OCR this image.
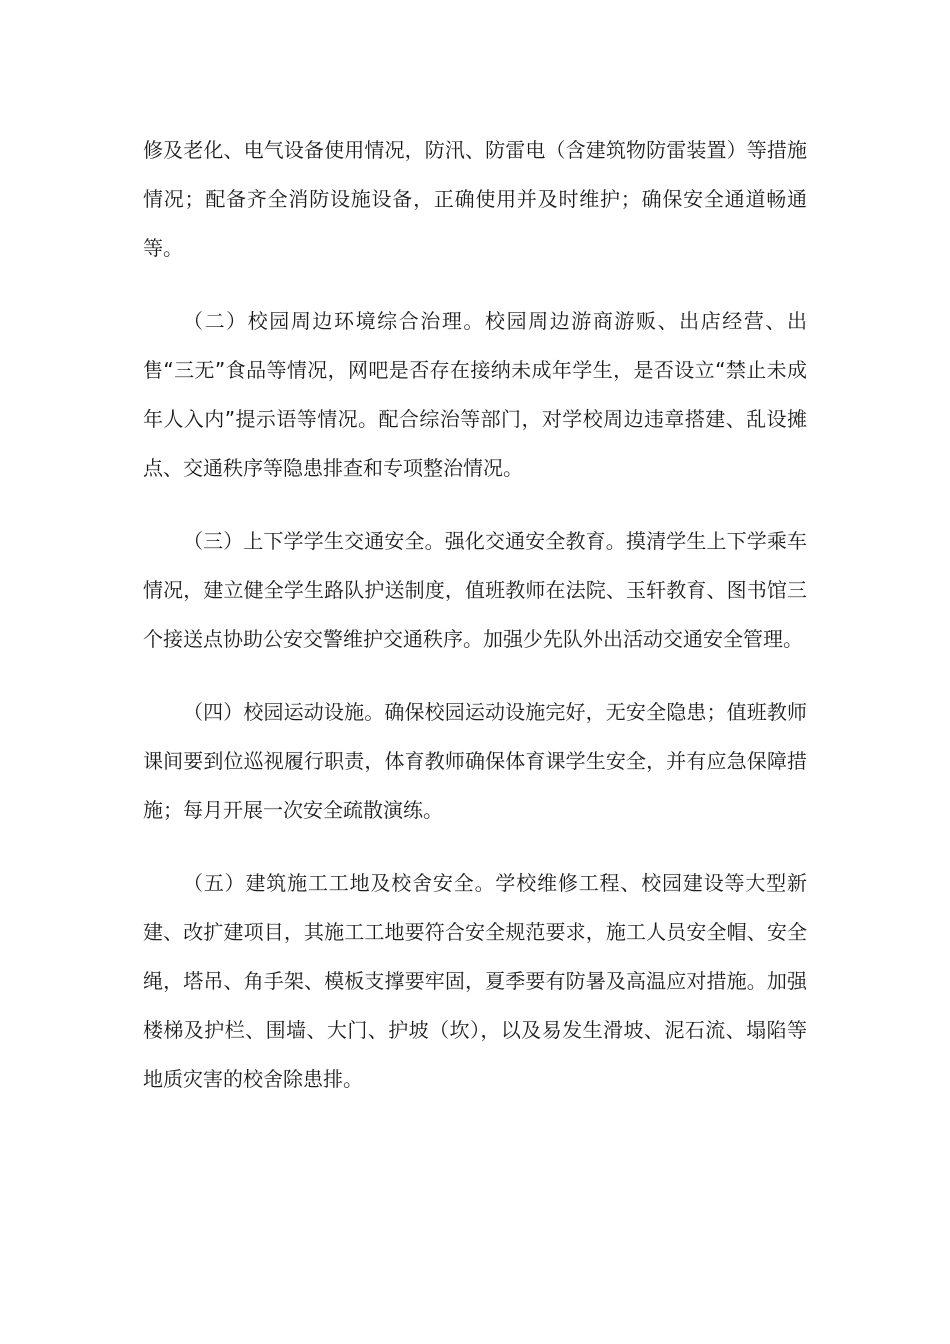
修及老化、电气设备使用情况，防汛、防雷电（含建筑物防雷装置）等措施情况；配备齐全消防设施设备，正确使用并及时维护；确保安全通道畅通等。

（二）校园周边环境综合治理。校园周边游商游贩、出店经营、出售“三无”食品等情况，网吧是否存在接纳未成年学生，是否设立“禁止未成年人入内”提示语等情况。配合综治等部门，对学校周边违章搭建、乱设摊点、交通秩序等隐患排查和专项整治情况。

（三）上下学学生交通安全。强化交通安全教育。摸清学生上下学乘车情况，建立健全学生路队护送制度，值班教师在法院、玉轩教育、图书馆三个接送点协助公安交警维护交通秩序。加强少先队外出活动交通安全管理。

（四）校园运动设施。确保校园运动设施完好，无安全隐患；值班教师课间要到位巡视履行职责，体育教师确保体育课学生安全，并有应急保障措施；每月开展一次安全疏散演练。

（五）建筑施工工地及校舍安全。学校维修工程、校园建设等大型新建、改扩建项目，其施工工地要符合安全规范要求，施工人员安全帽、安全绳，塔吊、角手架、模板支撑要牢固，夏季要有防暑及高温应对措施。加强楼梯及护栏、围墙、大门、护坡（坎），以及易发生滑坡、泥石流、塌陷等地质灾害的校舍除患排。
